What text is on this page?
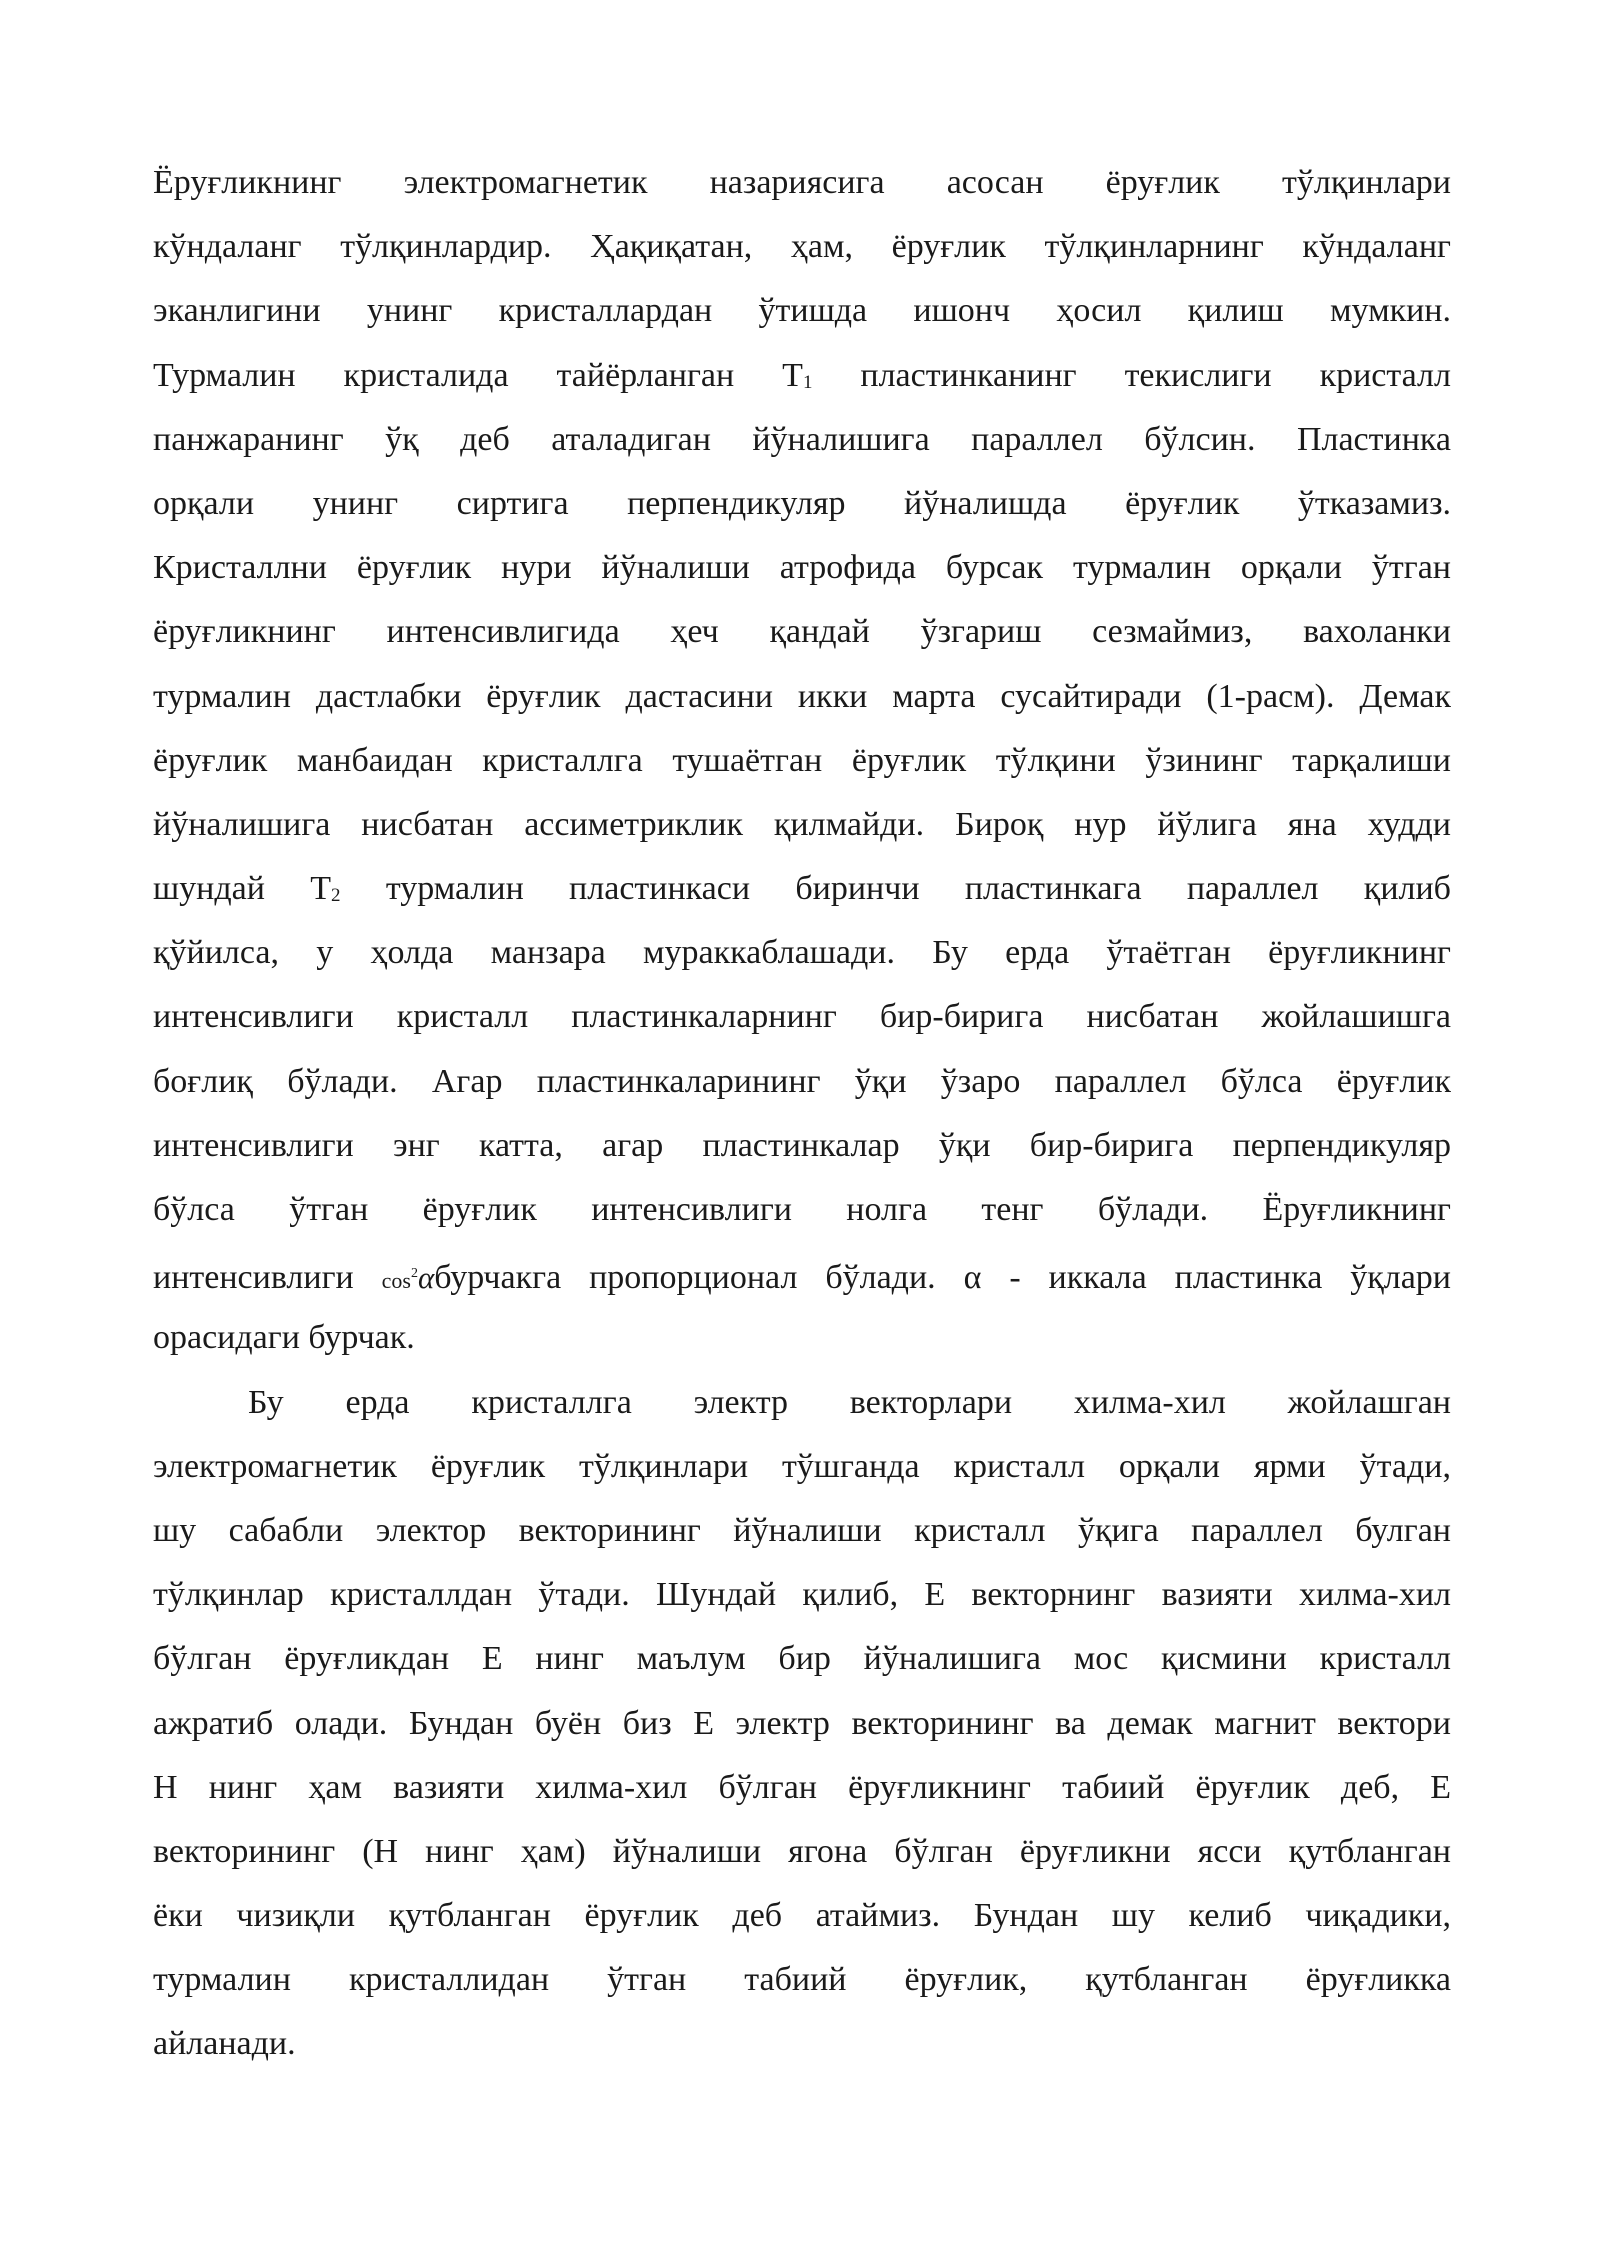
Ёруғликнинг электромагнетик назариясига асосан ёруғлик тўлқинлари
кўндаланг тўлқинлардир. Ҳақиқатан, ҳам, ёруғлик тўлқинларнинг кўндаланг
эканлигини унинг кристаллардан ўтишда ишонч ҳосил қилиш мумкин.
Турмалин кристалида тайёрланган Т1 пластинканинг текислиги кристалл
панжаранинг ўқ деб аталадиган йўналишига параллел бўлсин. Пластинка
орқали унинг сиртига перпендикуляр йўналишда ёруғлик ўтказамиз.
Кристаллни ёруғлик нури йўналиши атрофида бурсак турмалин орқали ўтган
ёруғликнинг интенсивлигида ҳеч қандай ўзгариш сезмаймиз, вахоланки
турмалин дастлабки ёруғлик дастасини икки марта сусайтиради (1-расм). Демак
ёруғлик манбаидан кристаллга тушаётган ёруғлик тўлқини ўзининг тарқалиши
йўналишига нисбатан ассиметриклик қилмайди. Бироқ нур йўлига яна худди
шундай Т2 турмалин пластинкаси биринчи пластинкага параллел қилиб
қўйилса, у ҳолда манзара мураккаблашади. Бу ерда ўтаётган ёруғликнинг
интенсивлиги кристалл пластинкаларнинг бир-бирига нисбатан жойлашишга
боғлиқ бўлади. Агар пластинкаларининг ўқи ўзаро параллел бўлса ёруғлик
интенсивлиги энг катта, агар пластинкалар ўқи бир-бирига перпендикуляр
бўлса ўтган ёруғлик интенсивлиги нолга тенг бўлади. Ёруғликнинг
интенсивлиги $\cos^2\alpha бурчакга$ пропорционал бўлади. α - иккала пластинка ўқлари
орасидаги бурчак.
Бу ерда кристаллга электр векторлари хилма-хил жойлашган
электромагнетик ёруғлик тўлқинлари тўшганда кристалл орқали ярми ўтади,
шу сабабли электор векторининг йўналиши кристалл ўқига параллел булган
тўлқинлар кристаллдан ўтади. Шундай қилиб, Е векторнинг вазияти хилма-хил
бўлган ёруғликдан Е нинг маълум бир йўналишига мос қисмини кристалл
ажратиб олади. Бундан буён биз Е электр векторининг ва демак магнит вектори
Н нинг ҳам вазияти хилма-хил бўлган ёруғликнинг табиий ёруғлик деб, Е
векторининг (Н нинг ҳам) йўналиши ягона бўлган ёруғликни ясси қутбланган
ёки чизиқли қутбланган ёруғлик деб атаймиз. Бундан шу келиб чиқадики,
турмалин кристаллидан ўтган табиий ёруғлик, қутбланган ёруғликка
айланади.
